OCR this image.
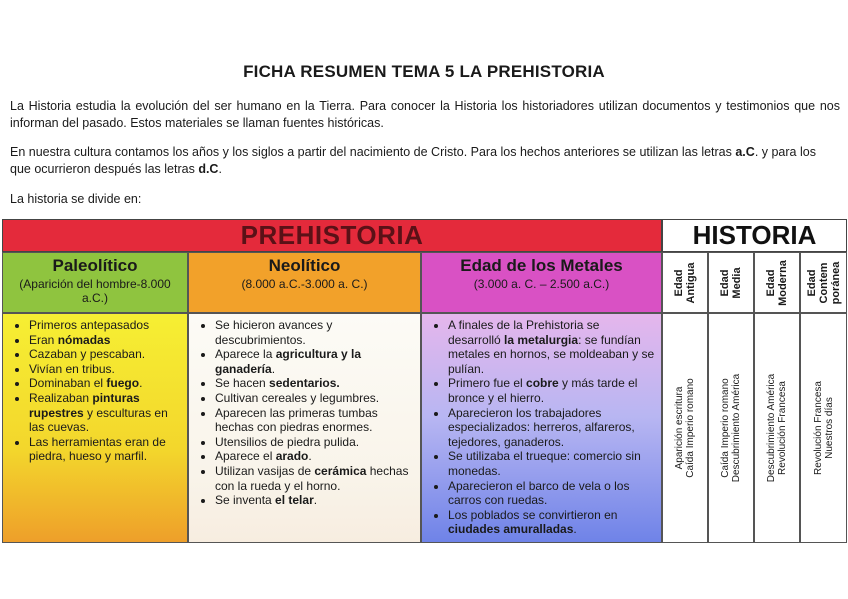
FICHA RESUMEN TEMA 5 LA PREHISTORIA
La Historia estudia la evolución del ser humano en la Tierra. Para conocer la Historia los historiadores utilizan documentos y testimonios que nos informan del pasado. Estos materiales se llaman fuentes históricas.
En nuestra cultura contamos los años y los siglos a partir del nacimiento de Cristo. Para los hechos anteriores se utilizan las letras a.C. y para los que ocurrieron después las letras d.C.
La historia se divide en:
PREHISTORIA	HISTORIA
Paleolítico
(Aparición del hombre-8.000 a.C.)
Neolítico
(8.000 a.C.-3.000 a. C.)
Edad de los Metales
(3.000 a. C. – 2.500 a.C.)	Edad
Antigua Edad
Media Edad
Moderna Edad
Contem
poránea
• Primeros antepasados
• Eran nómadas
• Cazaban y pescaban.
• Vivían en tribus.
• Dominaban el fuego.
• Realizaban pinturas rupestres y esculturas en las cuevas.
• Las herramientas eran de piedra, hueso y marfil.
• Se hicieron avances y descubrimientos.
• Aparece la agricultura y la ganadería.
• Se hacen sedentarios.
• Cultivan cereales y legumbres.
• Aparecen las primeras tumbas hechas con piedras enormes.
• Utensilios de piedra pulida.
• Aparece el arado.
• Utilizan vasijas de cerámica hechas con la rueda y el horno.
• Se inventa el telar.
• A finales de la Prehistoria se desarrolló la metalurgia: se fundían metales en hornos, se moldeaban y se pulían.
• Primero fue el cobre y más tarde el bronce y el hierro.
• Aparecieron los trabajadores especializados: herreros, alfareros, tejedores, ganaderos.
• Se utilizaba el trueque: comercio sin monedas.
• Aparecieron el barco de vela o los carros con ruedas.
• Los poblados se convirtieron en ciudades amuralladas.
Aparición escritura
Caída Imperio romano Caída Imperio romano
Descubrimiento América Descubrimiento América
Revolución Francesa Revolución Francesa
Nuestros días
